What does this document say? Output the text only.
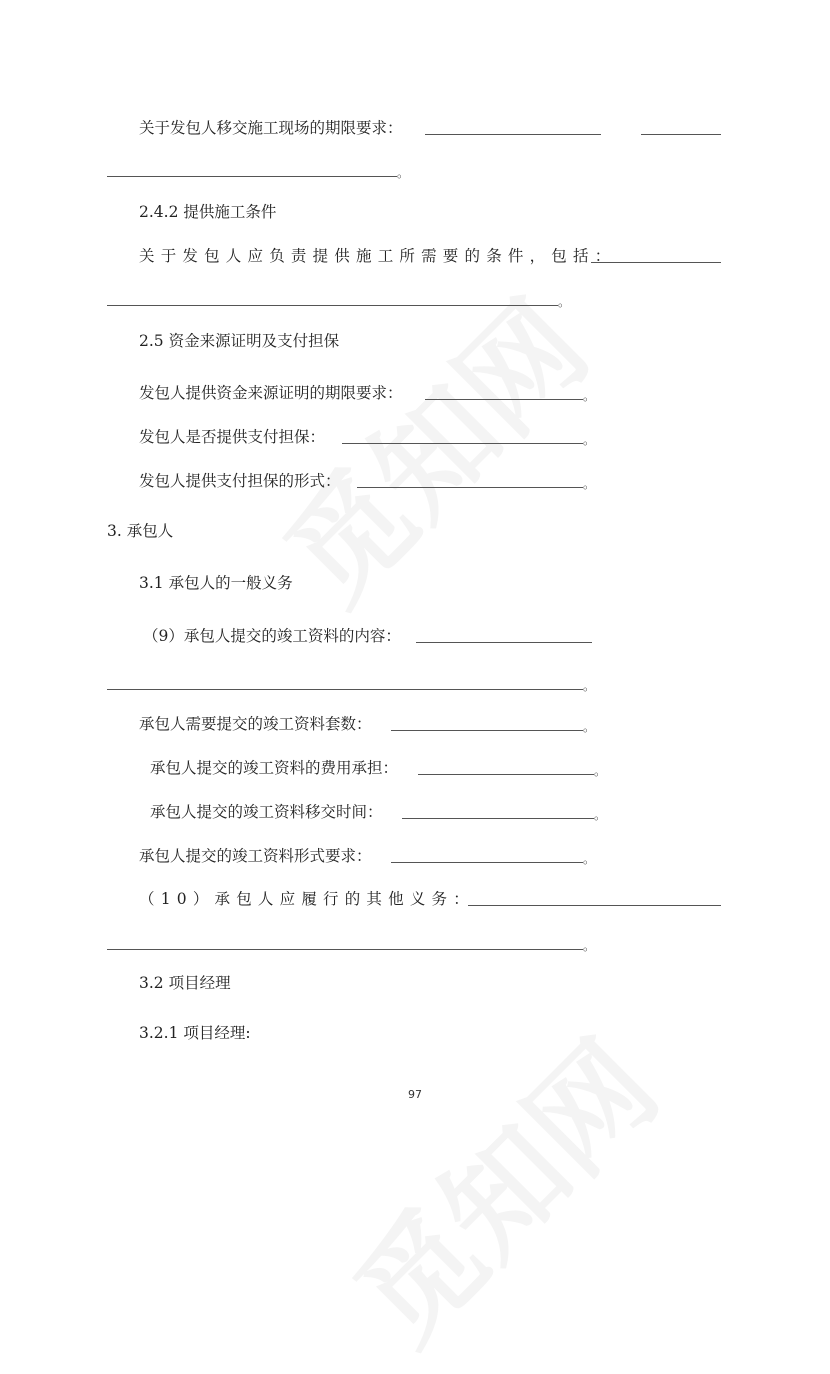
关于发包人移交施工现场的期限要求：
。
2.4.2 提供施工条件
关于发包人应负责提供施工所需要的条件，包括：
。
2.5 资金来源证明及支付担保
发包人提供资金来源证明的期限要求：	。
发包人是否提供支付担保：	。
发包人提供支付担保的形式：	。
3. 承包人
3.1 承包人的一般义务
（9）承包人提交的竣工资料的内容：
。
承包人需要提交的竣工资料套数：	。
承包人提交的竣工资料的费用承担：	。
承包人提交的竣工资料移交时间：	。
承包人提交的竣工资料形式要求：	。
（10）承包人应履行的其他义务：
。
3.2 项目经理
3.2.1 项目经理:
97
